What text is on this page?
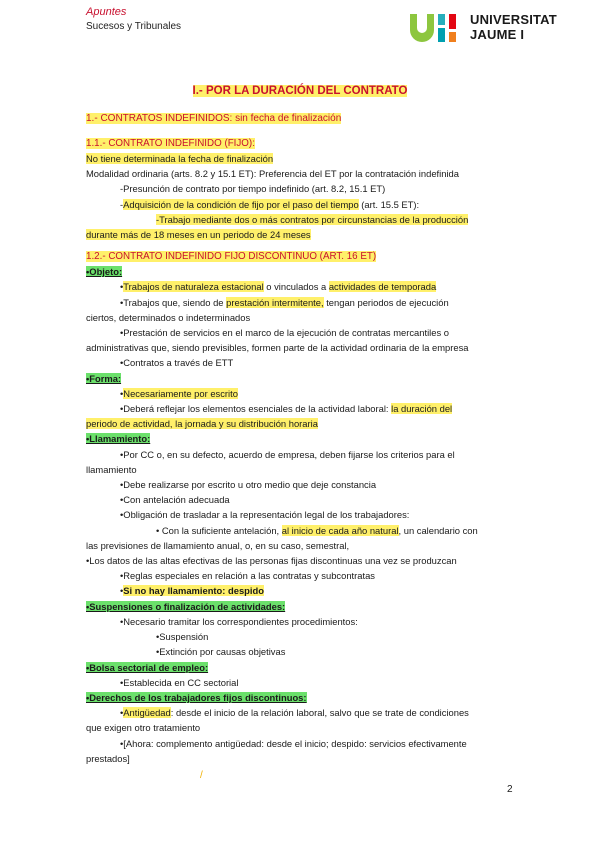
Apuntes
Sucesos y Tribunales	UNIVERSITAT
JAUME I
I.- POR LA DURACIÓN DEL CONTRATO
1.- CONTRATOS INDEFINIDOS: sin fecha de finalización
1.1.- CONTRATO INDEFINIDO (FIJO):
No tiene determinada la fecha de finalización
Modalidad ordinaria (arts. 8.2 y 15.1 ET): Preferencia del ET por la contratación indefinida
-Presunción de contrato por tiempo indefinido (art. 8.2, 15.1 ET)
-Adquisición de la condición de fijo por el paso del tiempo (art. 15.5 ET):
-Trabajo mediante dos o más contratos por circunstancias de la producción
durante más de 18 meses en un periodo de 24 meses
1.2.- CONTRATO INDEFINIDO FIJO DISCONTINUO (ART. 16 ET)
•Objeto:
•Trabajos de naturaleza estacional o vinculados a actividades de temporada
•Trabajos que, siendo de prestación intermitente, tengan periodos de ejecución
ciertos, determinados o indeterminados
•Prestación de servicios en el marco de la ejecución de contratas mercantiles o
administrativas que, siendo previsibles, formen parte de la actividad ordinaria de la empresa
•Contratos a través de ETT
•Forma:
•Necesariamente por escrito
•Deberá reflejar los elementos esenciales de la actividad laboral: la duración del
periodo de actividad, la jornada y su distribución horaria
•Llamamiento:
•Por CC o, en su defecto, acuerdo de empresa, deben fijarse los criterios para el
llamamiento
•Debe realizarse por escrito u otro medio que deje constancia
•Con antelación adecuada
•Obligación de trasladar a la representación legal de los trabajadores:
• Con la suficiente antelación, al inicio de cada año natural, un calendario con
las previsiones de llamamiento anual, o, en su caso, semestral,
•Los datos de las altas efectivas de las personas fijas discontinuas una vez se produzcan
•Reglas especiales en relación a las contratas y subcontratas
•Si no hay llamamiento: despido
•Suspensiones o finalización de actividades:
•Necesario tramitar los correspondientes procedimientos:
•Suspensión
•Extinción por causas objetivas
•Bolsa sectorial de empleo:
•Establecida en CC sectorial
•Derechos de los trabajadores fijos discontinuos:
•Antigüedad: desde el inicio de la relación laboral, salvo que se trate de condiciones
que exigen otro tratamiento
•[Ahora: complemento antigüedad: desde el inicio; despido: servicios efectivamente
prestados]
/
2
